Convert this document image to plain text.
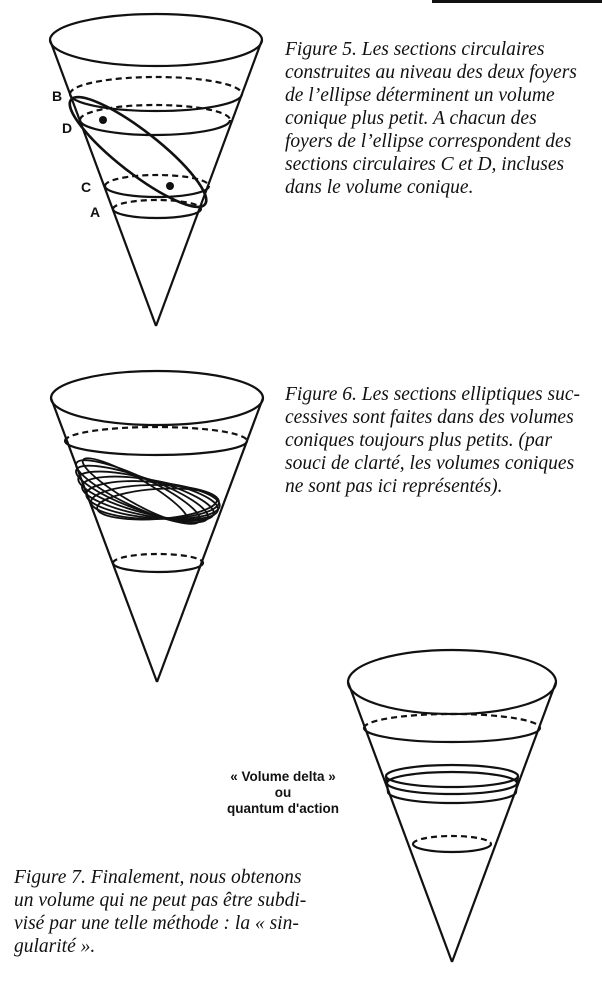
B
D
C
A

Figure 5. Les sections circulaires
construites au niveau des deux foyers
de l’ellipse déterminent un volume
conique plus petit. A chacun des
foyers de l’ellipse correspondent des
sections circulaires C et D, incluses
dans le volume conique.

Figure 6. Les sections elliptiques suc-
cessives sont faites dans des volumes
coniques toujours plus petits. (par
souci de clarté, les volumes coniques
ne sont pas ici représentés).

« Volume delta »
ou
quantum d'action

Figure 7. Finalement, nous obtenons
un volume qui ne peut pas être subdi-
visé par une telle méthode : la « sin-
gularité ».
